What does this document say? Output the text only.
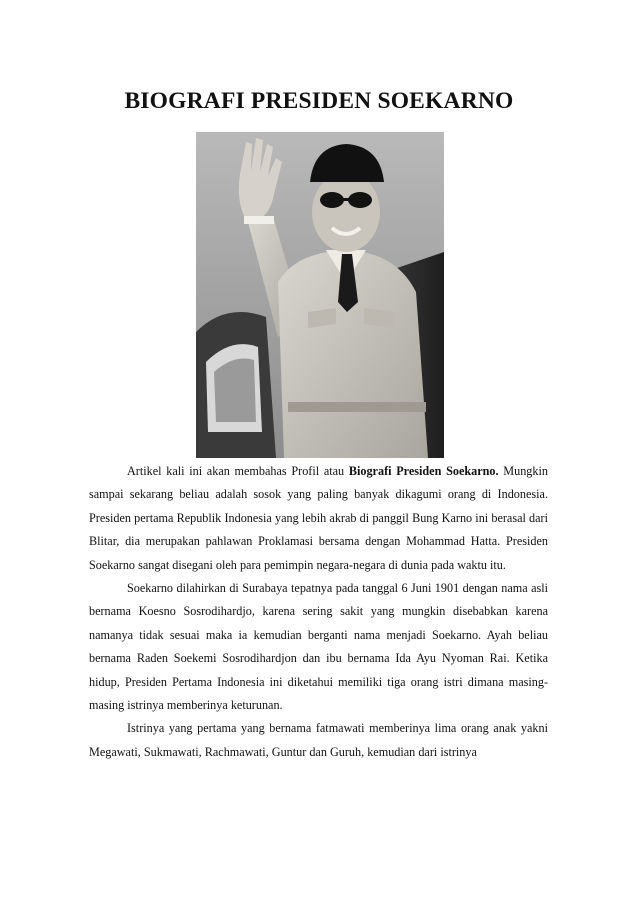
BIOGRAFI PRESIDEN SOEKARNO

Artikel kali ini akan membahas Profil atau Biografi Presiden Soekarno. Mungkin sampai sekarang beliau adalah sosok yang paling banyak dikagumi orang di Indonesia. Presiden pertama Republik Indonesia yang lebih akrab di panggil Bung Karno ini berasal dari Blitar, dia merupakan pahlawan Proklamasi bersama dengan Mohammad Hatta. Presiden Soekarno sangat disegani oleh para pemimpin negara-negara di dunia pada waktu itu.

Soekarno dilahirkan di Surabaya tepatnya pada tanggal 6 Juni 1901 dengan nama asli bernama Koesno Sosrodihardjo, karena sering sakit yang mungkin disebabkan karena namanya tidak sesuai maka ia kemudian berganti nama menjadi Soekarno. Ayah beliau bernama Raden Soekemi Sosrodihardjon dan ibu bernama Ida Ayu Nyoman Rai. Ketika hidup, Presiden Pertama Indonesia ini diketahui memiliki tiga orang istri dimana masing-masing istrinya memberinya keturunan.

Istrinya yang pertama yang bernama fatmawati memberinya lima orang anak yakni Megawati, Sukmawati, Rachmawati, Guntur dan Guruh, kemudian dari istrinya
